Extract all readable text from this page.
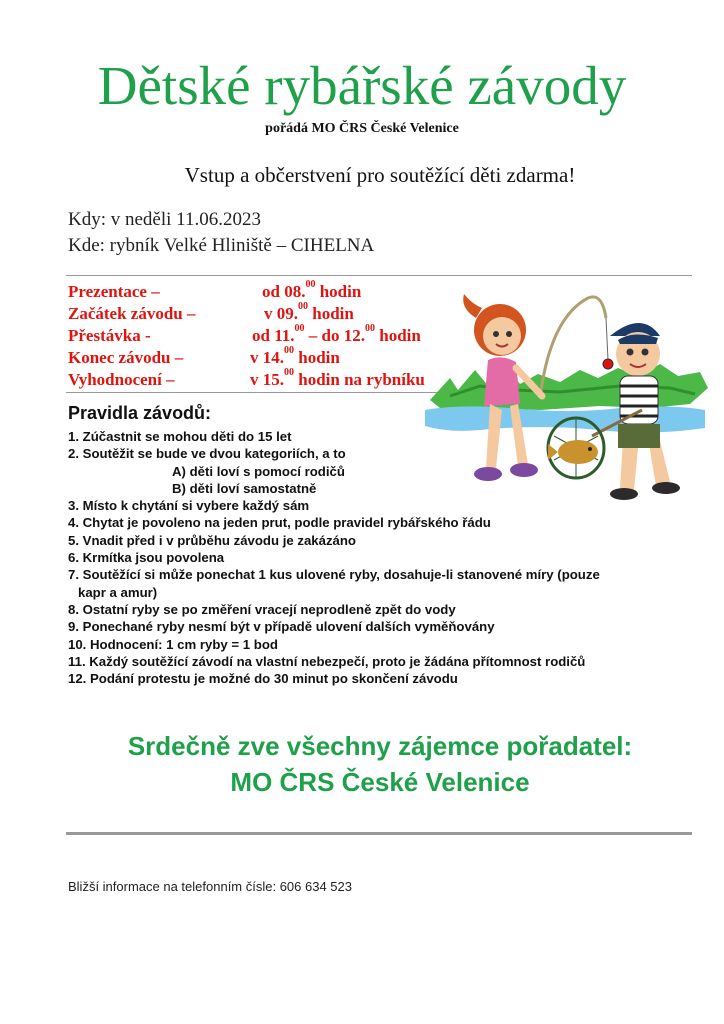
Dětské rybářské závody
pořádá MO ČRS České Velenice
Vstup a občerstvení pro soutěžící děti zdarma!
Kdy: v neděli 11.06.2023
Kde: rybník Velké Hliniště – CIHELNA
Prezentace –	od 08.00 hodin
Začátek závodu –	v 09.00 hodin
Přestávka -	od 11.00 – do 12.00 hodin
Konec závodu –	v 14.00 hodin
Vyhodnocení –	v 15.00 hodin na rybníku
Pravidla závodů:
1. Zúčastnit se mohou děti do 15 let
2. Soutěžit se bude ve dvou kategoriích, a to
A) děti loví s pomocí rodičů
B) děti loví samostatně
3. Místo k chytání si vybere každý sám
4. Chytat je povoleno na jeden prut, podle pravidel rybářského řádu
5. Vnadit před i v průběhu závodu je zakázáno
6. Krmítka jsou povolena
7. Soutěžící si může ponechat 1 kus ulovené ryby, dosahuje-li stanovené míry (pouze
kapr a amur)
8. Ostatní ryby se po změření vracejí neprodleně zpět do vody
9. Ponechané ryby nesmí být v případě ulovení dalších vyměňovány
10. Hodnocení: 1 cm ryby = 1 bod
11. Každý soutěžící závodí na vlastní nebezpečí, proto je žádána přítomnost rodičů
12. Podání protestu je možné do 30 minut po skončení závodu
Srdečně zve všechny zájemce pořadatel:
MO ČRS České Velenice
Bližší informace na telefonním čísle: 606 634 523
